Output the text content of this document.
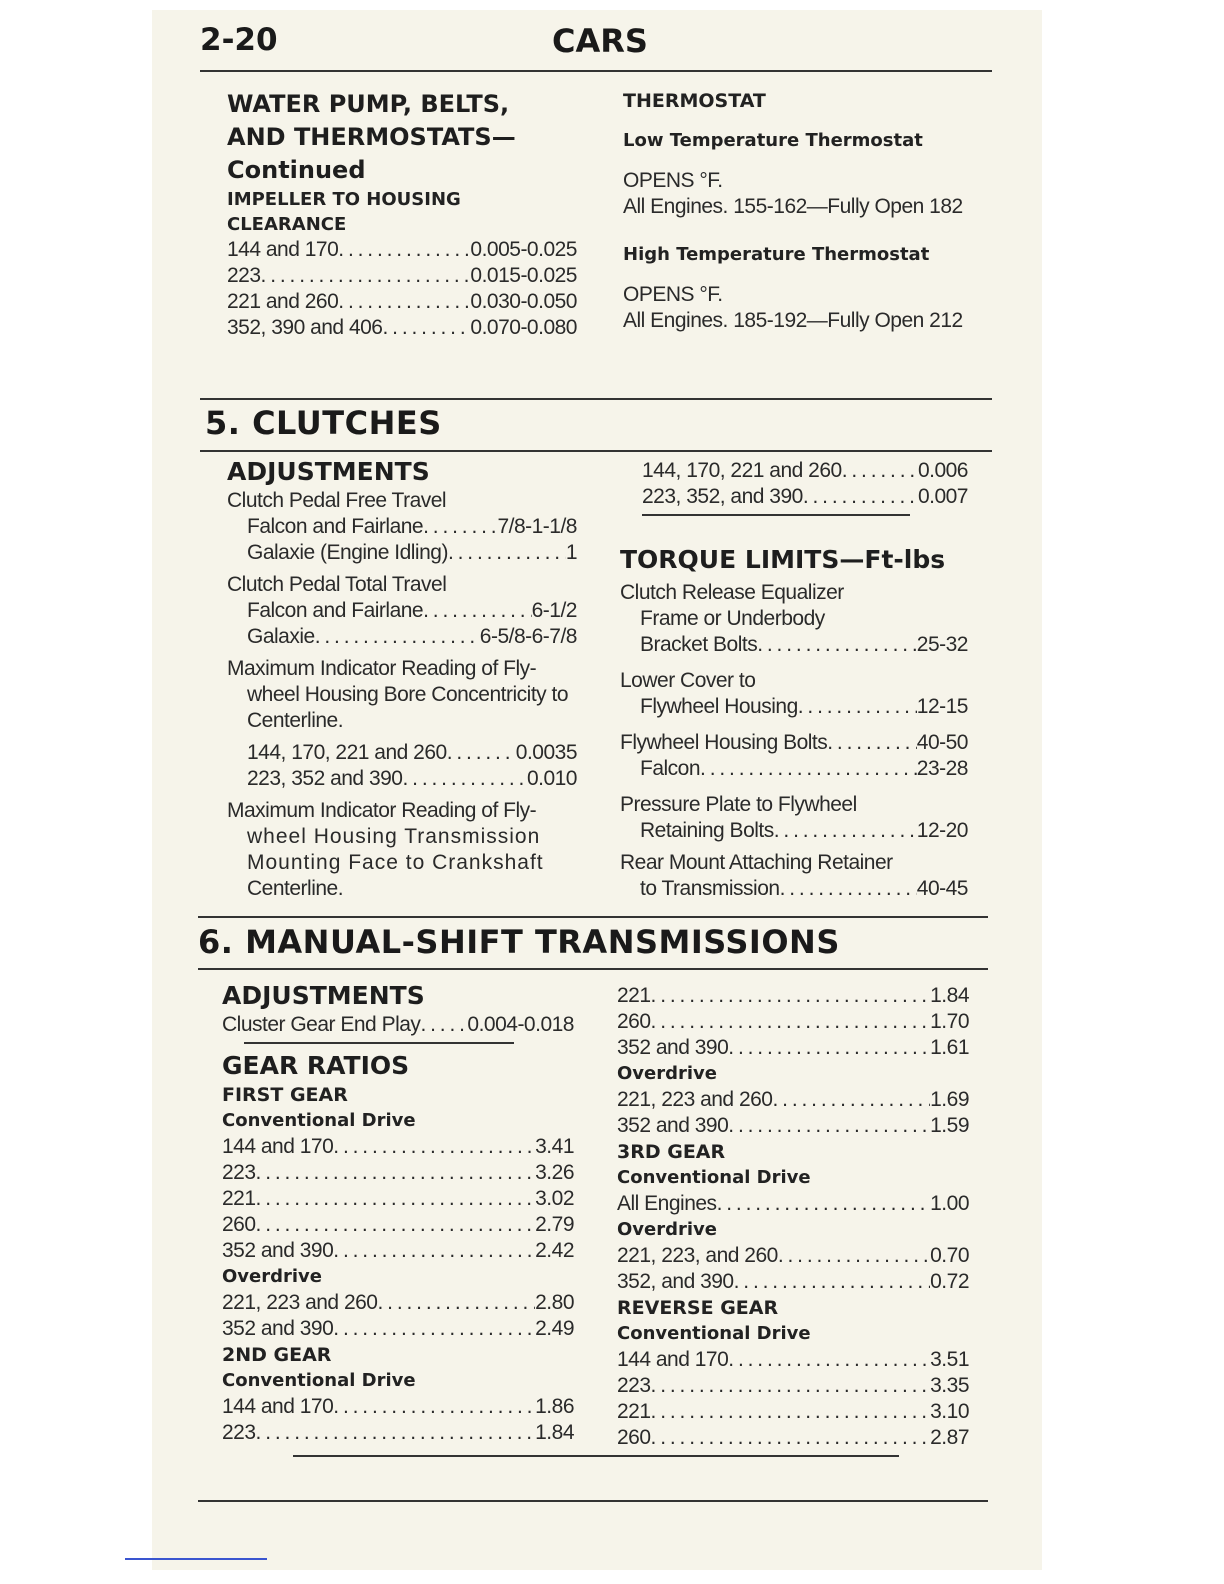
2-20	CARS
WATER PUMP, BELTS,
AND THERMOSTATS—
Continued
IMPELLER TO HOUSING
CLEARANCE
144 and 170 . . .	0.005-0.025
223 . . .	0.015-0.025
221 and 260 . . .	0.030-0.050
352, 390 and 406 . . .	0.070-0.080
THERMOSTAT
Low Temperature Thermostat
OPENS °F.
All Engines. 155-162—Fully Open 182
High Temperature Thermostat
OPENS °F.
All Engines. 185-192—Fully Open 212
5. CLUTCHES
ADJUSTMENTS
Clutch Pedal Free Travel
Falcon and Fairlane . . .	7/8-1-1/8
Galaxie (Engine Idling) . . .	1
Clutch Pedal Total Travel
Falcon and Fairlane . . .	6-1/2
Galaxie . . .	6-5/8-6-7/8
Maximum Indicator Reading of Fly-
wheel Housing Bore Concentricity to
Centerline.
144, 170, 221 and 260 . . .	0.0035
223, 352 and 390 . . .	0.010
Maximum Indicator Reading of Fly-
wheel Housing Transmission
Mounting Face to Crankshaft
Centerline.
144, 170, 221 and 260 . . .	0.006
223, 352, and 390 . . .	0.007
TORQUE LIMITS—Ft-lbs
Clutch Release Equalizer
Frame or Underbody
Bracket Bolts . . .	25-32
Lower Cover to
Flywheel Housing . . .	12-15
Flywheel Housing Bolts . . .	40-50
Falcon . . .	23-28
Pressure Plate to Flywheel
Retaining Bolts . . .	12-20
Rear Mount Attaching Retainer
to Transmission . . .	40-45
6. MANUAL-SHIFT TRANSMISSIONS
ADJUSTMENTS
Cluster Gear End Play . . . 0.004-0.018
GEAR RATIOS
FIRST GEAR
Conventional Drive
144 and 170 . . .	3.41
223 . . .	3.26
221 . . .	3.02
260 . . .	2.79
352 and 390 . . .	2.42
Overdrive
221, 223 and 260 . . .	2.80
352 and 390 . . .	2.49
2ND GEAR
Conventional Drive
144 and 170 . . .	1.86
223 . . .	1.84
221 . . .	1.84
260 . . .	1.70
352 and 390 . . .	1.61
Overdrive
221, 223 and 260 . . .	1.69
352 and 390 . . .	1.59
3RD GEAR
Conventional Drive
All Engines . . .	1.00
Overdrive
221, 223, and 260 . . .	0.70
352, and 390 . . .	0.72
REVERSE GEAR
Conventional Drive
144 and 170 . . .	3.51
223 . . .	3.35
221 . . .	3.10
260 . . .	2.87
